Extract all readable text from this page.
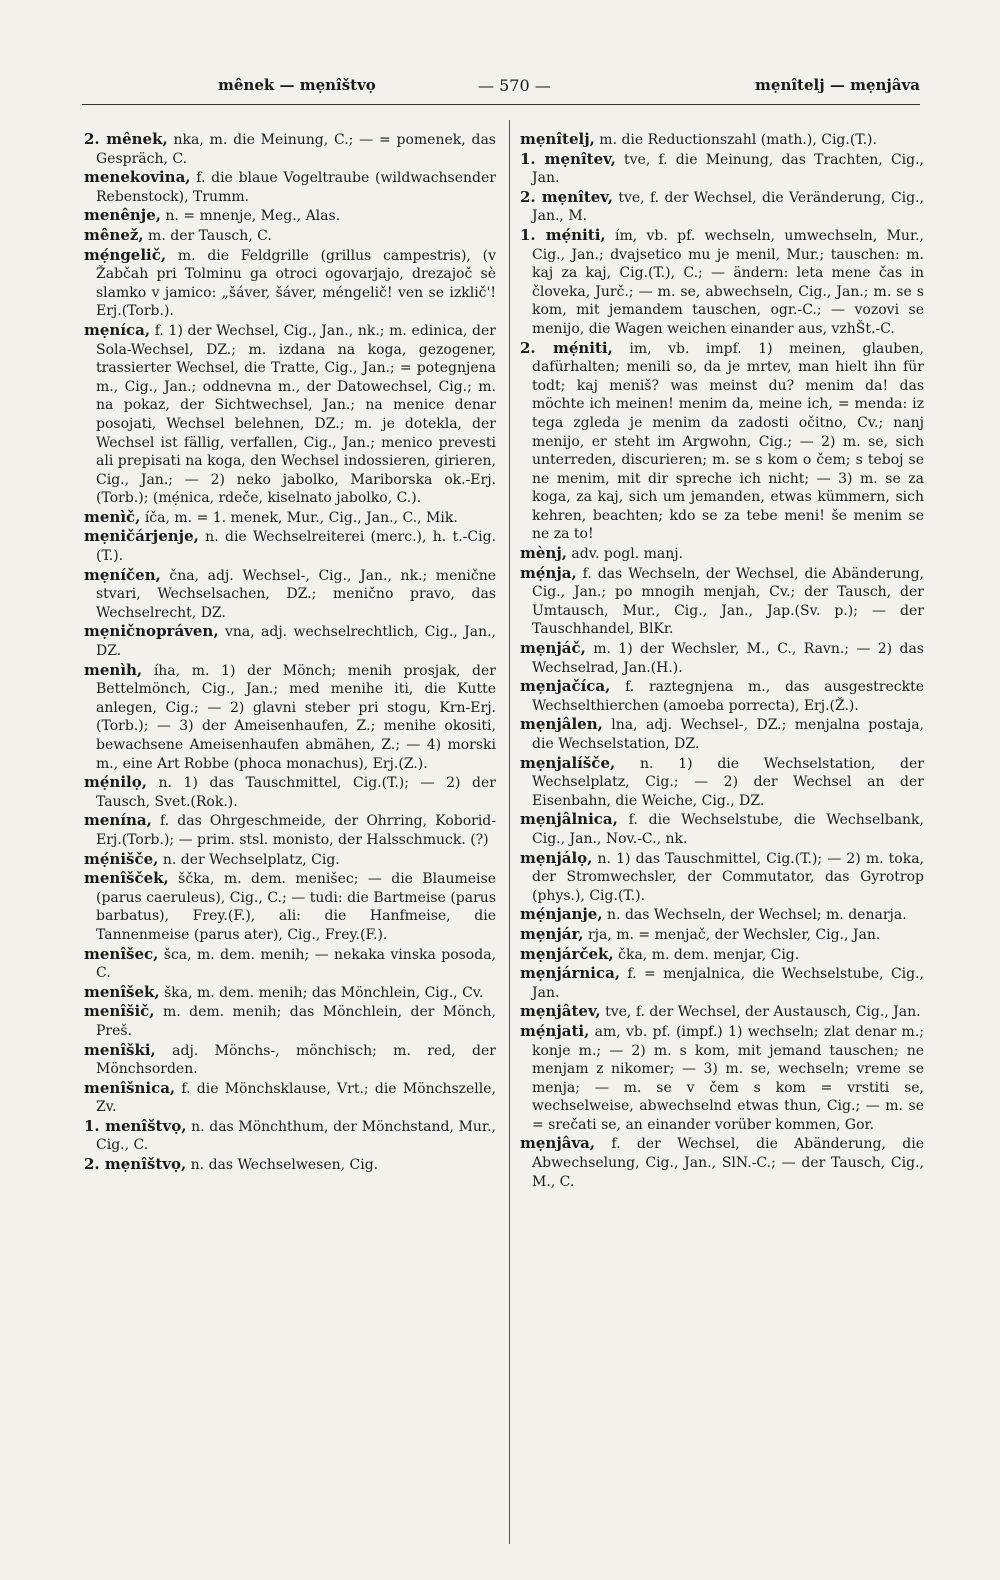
mênek — mẹnîštvọ	— 570 —	mẹnîtelj — mẹnjâva

2. mênek, nka, m. die Meinung, C.; — = pomenek, das Gespräch, C.

menekovina, f. die blaue Vogeltraube (wildwachsender Rebenstock), Trumm.

menênje, n. = mnenje, Meg., Alas.

mênež, m. der Tausch, C.

mẹ́ngelič, m. die Feldgrille (grillus campestris), (v Žabčah pri Tolminu ga otroci ogovarjajo, drezajoč sè slamko v jamico: „šáver, šáver, méngelič! ven se izklič'! Erj.(Torb.).

mẹníca, f. 1) der Wechsel, Cig., Jan., nk.; m. edinica, der Sola-Wechsel, DZ.; m. izdana na koga, gezogener, trassierter Wechsel, die Tratte, Cig., Jan.; = potegnjena m., Cig., Jan.; oddnevna m., der Datowechsel, Cig.; m. na pokaz, der Sichtwechsel, Jan.; na menice denar posojati, Wechsel belehnen, DZ.; m. je dotekla, der Wechsel ist fällig, verfallen, Cig., Jan.; menico prevesti ali prepisati na koga, den Wechsel indossieren, girieren, Cig., Jan.; — 2) neko jabolko, Mariborska ok.-Erj.(Torb.); (mẹ́nica, rdeče, kiselnato jabolko, C.).

menìč, íča, m. = 1. menek, Mur., Cig., Jan., C., Mik.

mẹničárjenje, n. die Wechselreiterei (merc.), h. t.-Cig.(T.).

mẹníčen, čna, adj. Wechsel-, Cig., Jan., nk.; menične stvari, Wechselsachen, DZ.; menično pravo, das Wechselrecht, DZ.

mẹničnopráven, vna, adj. wechselrechtlich, Cig., Jan., DZ.

menìh, íha, m. 1) der Mönch; menih prosjak, der Bettelmönch, Cig., Jan.; med menihe iti, die Kutte anlegen, Cig.; — 2) glavni steber pri stogu, Krn-Erj.(Torb.); — 3) der Ameisenhaufen, Z.; menihe okositi, bewachsene Ameisenhaufen abmähen, Z.; — 4) morski m., eine Art Robbe (phoca monachus), Erj.(Z.).

mẹ́nilọ, n. 1) das Tauschmittel, Cig.(T.); — 2) der Tausch, Svet.(Rok.).

menína, f. das Ohrgeschmeide, der Ohrring, Koborid-Erj.(Torb.); — prim. stsl. monisto, der Halsschmuck. (?)

mẹ́nišče, n. der Wechselplatz, Cig.

menîšček, ščka, m. dem. menišec; — die Blaumeise (parus caeruleus), Cig., C.; — tudi: die Bartmeise (parus barbatus), Frey.(F.), ali: die Hanfmeise, die Tannenmeise (parus ater), Cig., Frey.(F.).

menîšec, šca, m. dem. menih; — nekaka vinska posoda, C.

menîšek, ška, m. dem. menih; das Mönchlein, Cig., Cv.

menîšič, m. dem. menih; das Mönchlein, der Mönch, Preš.

menîški, adj. Mönchs-, mönchisch; m. red, der Mönchsorden.

menîšnica, f. die Mönchsklause, Vrt.; die Mönchszelle, Zv.

1. menîštvọ, n. das Mönchthum, der Mönchstand, Mur., Cig., C.

2. mẹnîštvọ, n. das Wechselwesen, Cig.

mẹnîtelj, m. die Reductionszahl (math.), Cig.(T.).

1. mẹnîtev, tve, f. die Meinung, das Trachten, Cig., Jan.

2. mẹnîtev, tve, f. der Wechsel, die Veränderung, Cig., Jan., M.

1. mẹ́niti, ím, vb. pf. wechseln, umwechseln, Mur., Cig., Jan.; dvajsetico mu je menil, Mur.; tauschen: m. kaj za kaj, Cig.(T.), C.; — ändern: leta mene čas in človeka, Jurč.; — m. se, abwechseln, Cig., Jan.; m. se s kom, mit jemandem tauschen, ogr.-C.; — vozovi se menijo, die Wagen weichen einander aus, vzhŠt.-C.

2. mẹ́niti, im, vb. impf. 1) meinen, glauben, dafürhalten; menili so, da je mrtev, man hielt ihn für todt; kaj meniš? was meinst du? menim da! das möchte ich meinen! menim da, meine ich, = menda: iz tega zgleda je menim da zadosti očitno, Cv.; nanj menijo, er steht im Argwohn, Cig.; — 2) m. se, sich unterreden, discurieren; m. se s kom o čem; s teboj se ne menim, mit dir spreche ich nicht; — 3) m. se za koga, za kaj, sich um jemanden, etwas kümmern, sich kehren, beachten; kdo se za tebe meni! še menim se ne za to!

mènj, adv. pogl. manj.

mẹ́nja, f. das Wechseln, der Wechsel, die Abänderung, Cig., Jan.; po mnogih menjah, Cv.; der Tausch, der Umtausch, Mur., Cig., Jan., Jap.(Sv. p.); — der Tauschhandel, BlKr.

mẹnjáč, m. 1) der Wechsler, M., C., Ravn.; — 2) das Wechselrad, Jan.(H.).

mẹnjačíca, f. raztegnjena m., das ausgestreckte Wechselthierchen (amoeba porrecta), Erj.(Ž.).

mẹnjâlen, lna, adj. Wechsel-, DZ.; menjalna postaja, die Wechselstation, DZ.

mẹnjalíšče, n. 1) die Wechselstation, der Wechselplatz, Cig.; — 2) der Wechsel an der Eisenbahn, die Weiche, Cig., DZ.

mẹnjâlnica, f. die Wechselstube, die Wechselbank, Cig., Jan., Nov.-C., nk.

mẹnjálọ, n. 1) das Tauschmittel, Cig.(T.); — 2) m. toka, der Stromwechsler, der Commutator, das Gyrotrop (phys.), Cig.(T.).

mẹ́njanje, n. das Wechseln, der Wechsel; m. denarja.

mẹnjár, rja, m. = menjač, der Wechsler, Cig., Jan.

mẹnjárček, čka, m. dem. menjar, Cig.

mẹnjárnica, f. = menjalnica, die Wechselstube, Cig., Jan.

mẹnjâtev, tve, f. der Wechsel, der Austausch, Cig., Jan.

mẹ́njati, am, vb. pf. (impf.) 1) wechseln; zlat denar m.; konje m.; — 2) m. s kom, mit jemand tauschen; ne menjam z nikomer; — 3) m. se, wechseln; vreme se menja; — m. se v čem s kom = vrstiti se, wechselweise, abwechselnd etwas thun, Cig.; — m. se = srečati se, an einander vorüber kommen, Gor.

mẹnjâva, f. der Wechsel, die Abänderung, die Abwechselung, Cig., Jan., SlN.-C.; — der Tausch, Cig., M., C.
